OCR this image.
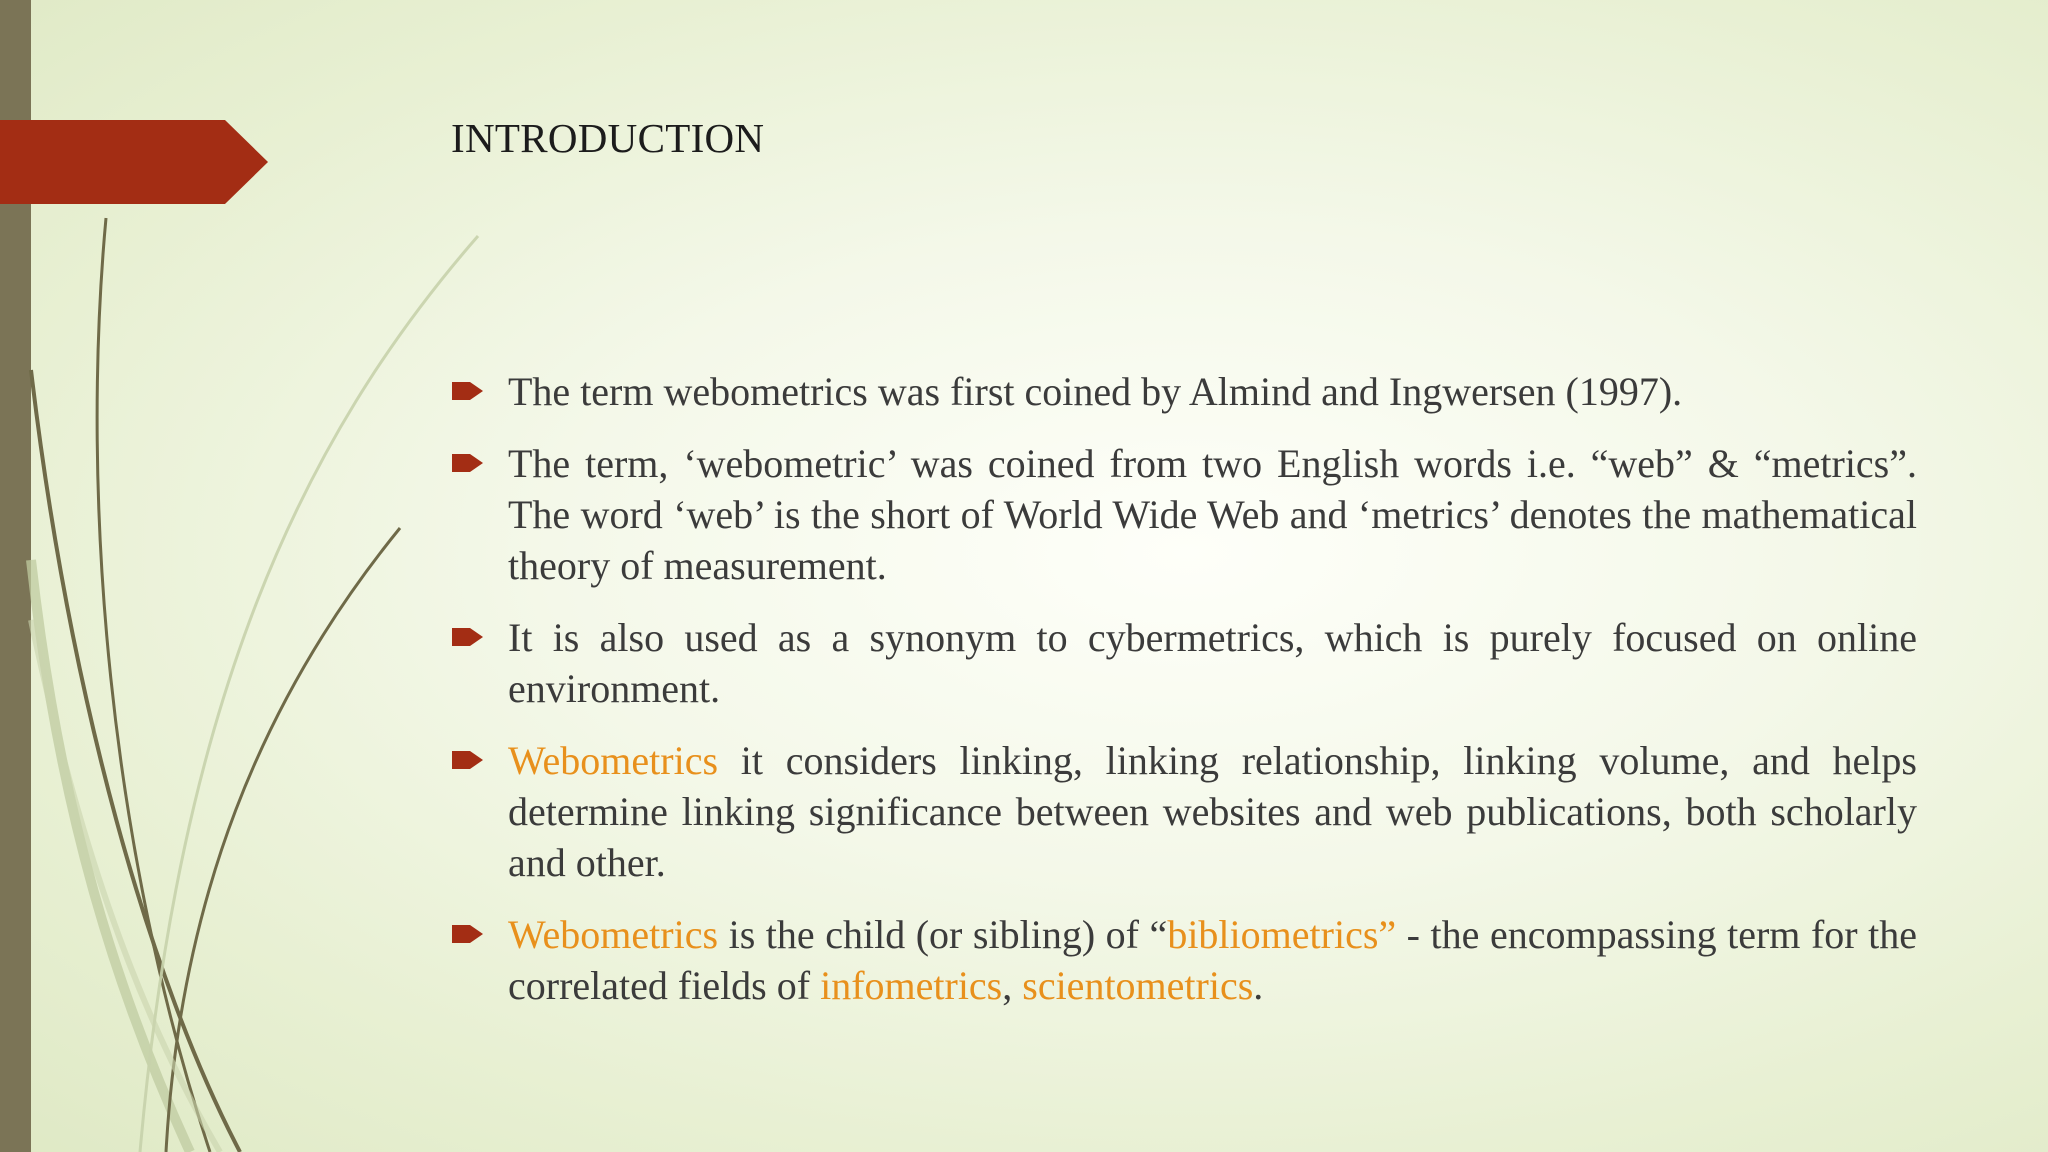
INTRODUCTION
The term webometrics was first coined by Almind and Ingwersen (1997).
The term, ‘webometric’ was coined from two English words i.e. “web” & “metrics”. The word ‘web’ is the short of World Wide Web and ‘metrics’ denotes the mathematical theory of measurement.
It is also used as a synonym to cybermetrics, which is purely focused on online environment.
Webometrics it considers linking, linking relationship, linking volume, and helps determine linking significance between websites and web publications, both scholarly and other.
Webometrics is the child (or sibling) of “bibliometrics” - the encompassing term for the correlated fields of infometrics, scientometrics.
